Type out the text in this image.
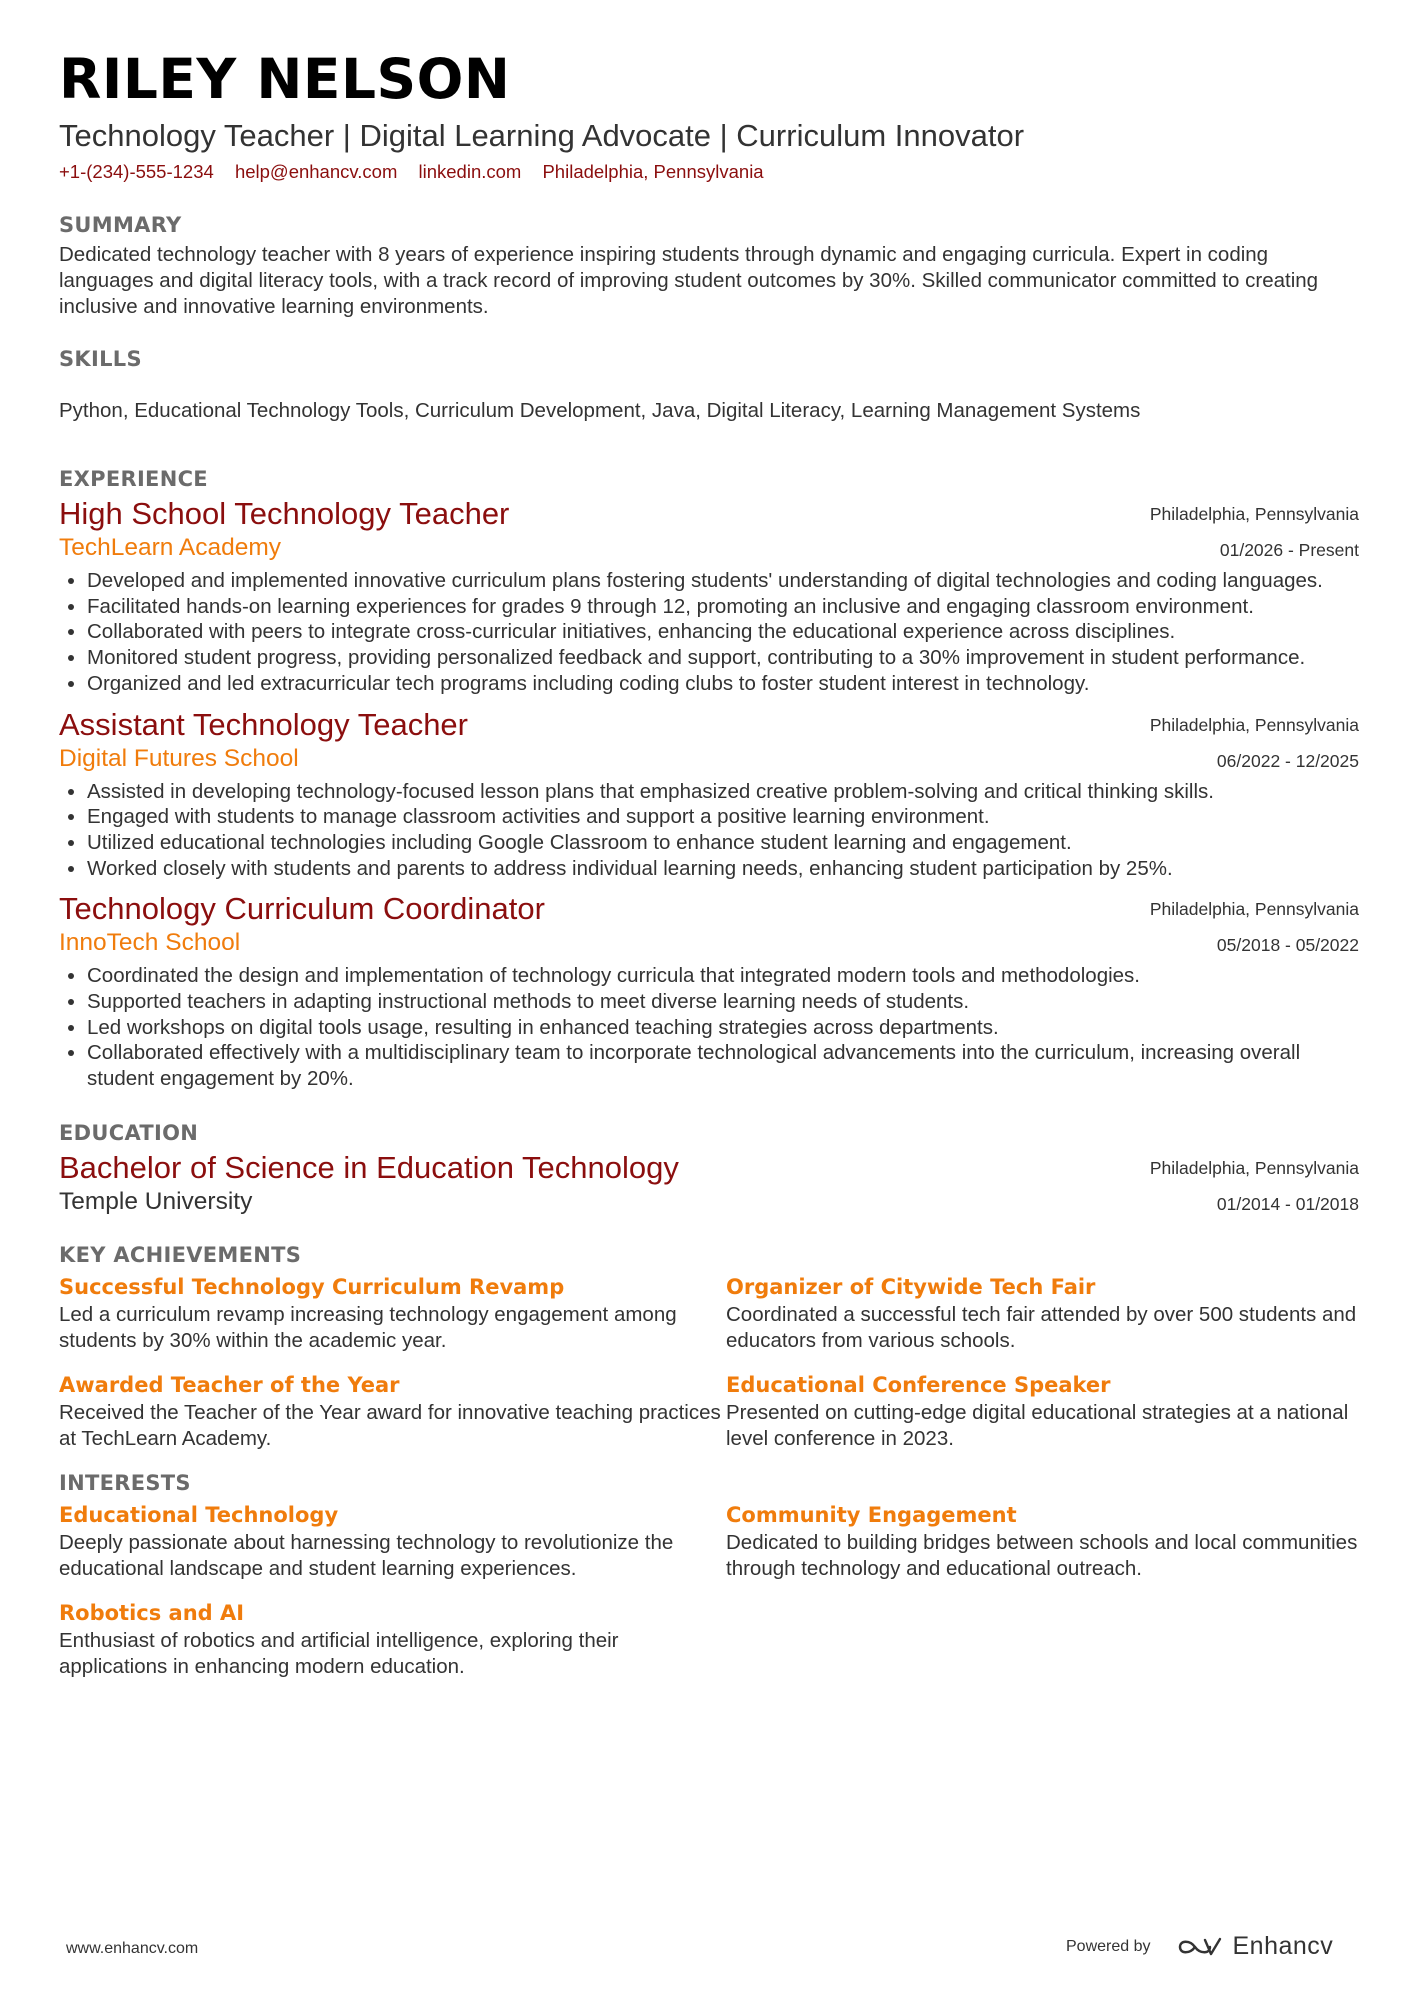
RILEY NELSON
Technology Teacher | Digital Learning Advocate | Curriculum Innovator
+1-(234)-555-1234 help@enhancv.com linkedin.com Philadelphia, Pennsylvania
SUMMARY
Dedicated technology teacher with 8 years of experience inspiring students through dynamic and engaging curricula. Expert in coding languages and digital literacy tools, with a track record of improving student outcomes by 30%. Skilled communicator committed to creating inclusive and innovative learning environments.
SKILLS
Python, Educational Technology Tools, Curriculum Development, Java, Digital Literacy, Learning Management Systems
EXPERIENCE
High School Technology Teacher
TechLearn Academy
Philadelphia, Pennsylvania
01/2026 - Present
• Developed and implemented innovative curriculum plans fostering students' understanding of digital technologies and coding languages.
• Facilitated hands-on learning experiences for grades 9 through 12, promoting an inclusive and engaging classroom environment.
• Collaborated with peers to integrate cross-curricular initiatives, enhancing the educational experience across disciplines.
• Monitored student progress, providing personalized feedback and support, contributing to a 30% improvement in student performance.
• Organized and led extracurricular tech programs including coding clubs to foster student interest in technology.
Assistant Technology Teacher
Digital Futures School
Philadelphia, Pennsylvania
06/2022 - 12/2025
• Assisted in developing technology-focused lesson plans that emphasized creative problem-solving and critical thinking skills.
• Engaged with students to manage classroom activities and support a positive learning environment.
• Utilized educational technologies including Google Classroom to enhance student learning and engagement.
• Worked closely with students and parents to address individual learning needs, enhancing student participation by 25%.
Technology Curriculum Coordinator
InnoTech School
Philadelphia, Pennsylvania
05/2018 - 05/2022
• Coordinated the design and implementation of technology curricula that integrated modern tools and methodologies.
• Supported teachers in adapting instructional methods to meet diverse learning needs of students.
• Led workshops on digital tools usage, resulting in enhanced teaching strategies across departments.
• Collaborated effectively with a multidisciplinary team to incorporate technological advancements into the curriculum, increasing overall student engagement by 20%.
EDUCATION
Bachelor of Science in Education Technology
Temple University
Philadelphia, Pennsylvania
01/2014 - 01/2018
KEY ACHIEVEMENTS
Successful Technology Curriculum Revamp
Led a curriculum revamp increasing technology engagement among students by 30% within the academic year.
Organizer of Citywide Tech Fair
Coordinated a successful tech fair attended by over 500 students and educators from various schools.
Awarded Teacher of the Year
Received the Teacher of the Year award for innovative teaching practices at TechLearn Academy.
Educational Conference Speaker
Presented on cutting-edge digital educational strategies at a national level conference in 2023.
INTERESTS
Educational Technology
Deeply passionate about harnessing technology to revolutionize the educational landscape and student learning experiences.
Community Engagement
Dedicated to building bridges between schools and local communities through technology and educational outreach.
Robotics and AI
Enthusiast of robotics and artificial intelligence, exploring their applications in enhancing modern education.
www.enhancv.com	Powered by	Enhancv
